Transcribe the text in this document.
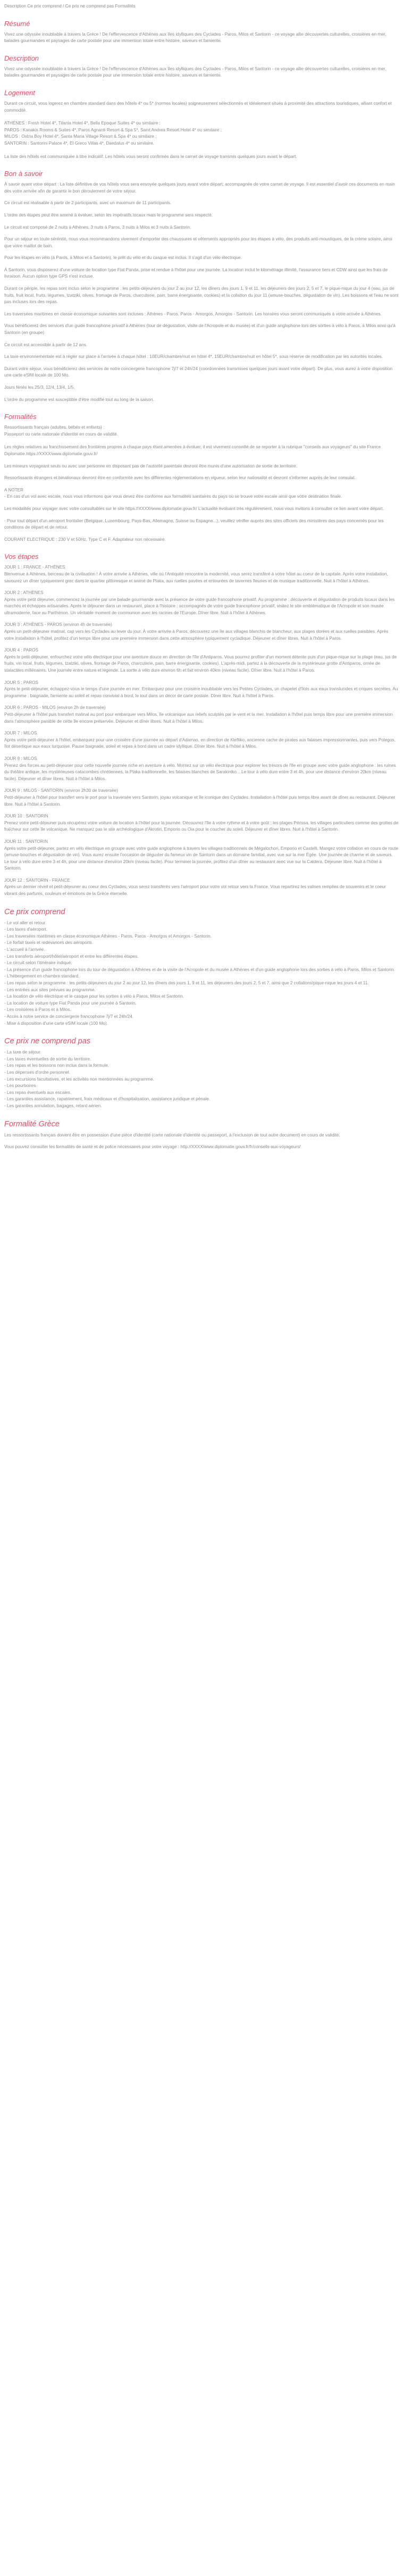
Description Ce prix comprend / Ce prix ne comprend pas Formalités
Résumé

Vivez une odyssée inoubliable à travers la Grèce ! De l'effervescence d'Athènes aux îles idylliques des Cyclades - Paros, Milos et Santorin - ce voyage allie découvertes culturelles, croisières en mer, balades gourmandes et paysages de carte postale pour une immersion totale entre histoire, saveurs et farniente.

Description

Vivez une odyssée inoubliable à travers la Grèce ! De l'effervescence d'Athènes aux îles idylliques des Cyclades - Paros, Milos et Santorin - ce voyage allie découvertes culturelles, croisières en mer, balades gourmandes et paysages de carte postale pour une immersion totale entre histoire, saveurs et farniente.

Logement

Durant ce circuit, vous logerez en chambre standard dans des hôtels 4* ou 5* (normes locales) soigneusement sélectionnés et idéalement situés à proximité des attractions touristiques, alliant confort et commodité.

ATHÈNES : Fresh Hotel 4*, Titania Hotel 4*, Bella Epoque Suites 4* ou similaire ;
PAROS : Kanakis Rooms & Suites 4*, Paros Agnanti Resort & Spa 5*, Saint Andrea Resort Hotel 4* ou similaire ;
MILOS : Ostria Boy Hotel 4*, Santa Maria Village Resort & Spa 4* ou similaire ;
SANTORIN : Santorini Palace 4*, El Greco Villas 4*, Daedalus 4* ou similaire.

La liste des hôtels est communiquée à titre indicatif. Les hôtels vous seront confirmés dans le carnet de voyage transmis quelques jours avant le départ.

Bon à savoir

À savoir avant votre départ : La liste définitive de vos hôtels vous sera envoyée quelques jours avant votre départ, accompagnée de votre carnet de voyage. Il est essentiel d'avoir ces documents en main dès votre arrivée afin de garantir le bon déroulement de votre séjour.

Ce circuit est réalisable à partir de 2 participants, avec un maximum de 11 participants.

L'ordre des étapes peut être amené à évoluer, selon les impératifs locaux mais le programme sera respecté.

Le circuit est composé de 2 nuits à Athènes, 3 nuits à Paros, 3 nuits à Milos et 3 nuits à Santorin.

Pour un séjour en toute sérénité, nous vous recommandons vivement d'emporter des chaussures et vêtements appropriés pour les étapes à vélo, des produits anti-moustiques, de la crème solaire, ainsi que votre maillot de bain.

Pour les étapes en vélo (à Paros, à Milos et à Santorin), le prêt du vélo et du casque est inclus. Il s'agit d'un vélo électrique.

À Santorin, vous disposerez d'une voiture de location type Fiat Panda, prise et rendue à l'hôtel pour une journée. La location inclut le kilométrage illimité, l'assurance tiers et CDW ainsi que les frais de livraison. Aucun option type GPS n'est incluse.

Durant ce périple, les repas sont inclus selon le programme : les petits-déjeuners du jour 2 au jour 12, les dîners des jours 1, 9 et 11, les déjeuners des jours 2, 5 et 7, le pique-nique du jour 4 (eau, jus de fruits, fruit local, fruits, légumes, tzatziki, olives, fromage de Paros, charcuterie, pain, barre énergisante, cookies) et la collation du jour 11 (amuse-bouches, dégustation de vin). Les boissons et l'eau ne sont pas incluses lors des repas.

Les traversées maritimes en classe économique suivantes sont incluses : Athènes - Paros, Paros - Amorgos, Amorgos - Santorin. Les horaires vous seront communiqués à votre arrivée à Athènes.

Vous bénéficierez des services d'un guide francophone privatif à Athènes (tour de dégustation, visite de l'Acropole et du musée) et d'un guide anglophone lors des sorties à vélo à Paros, à Milos ainsi qu'à Santorin (en groupe).

Ce circuit est accessible à partir de 12 ans.

La taxe environnementale est à régler sur place à l'arrivée à chaque hôtel : 10EUR/chambre/nuit en hôtel 4*, 15EUR/chambre/nuit en hôtel 5*, sous réserve de modification par les autorités locales.

Durant votre séjour, vous bénéficierez des services de notre conciergerie francophone 7j/7 et 24h/24 (coordonnées transmises quelques jours avant votre départ). De plus, vous aurez à votre disposition une carte eSIM locale de 100 Mo.

Jours fériés les 25/3, 12/4, 13/4, 1/5.

L'ordre du programme est susceptible d'être modifié tout au long de la saison.

Formalités
Ressortissants français (adultes, bébés et enfants) :
Passeport ou carte nationale d'identité en cours de validité.

Les règles relatives au franchissement des frontières propres à chaque pays étant amenées à évoluer, il est vivement conseillé de se reporter à la rubrique "conseils aux voyageurs" du site France Diplomatie.https://XXXX/www.diplomatie.gouv.fr/

Les mineurs voyageant seuls ou avec une personne en disposant pas de l'autorité parentale devront être munis d'une autorisation de sortie de territoire.

Ressortissants étrangers et binationaux devront être en conformité avec les différentes réglementations en vigueur, selon leur nationalité et devront s'informer auprès de leur consulat.

A NOTER

- En cas d'un vol avec escale, nous vous informons que vous devez être conforme aux formalités sanitaires du pays où se trouve votre escale ainsi que votre destination finale.

Les modalités pour voyager avec votre consultables sur le site https://XXXX/www.diplomatie.gouv.fr/ L'actualité évoluant très régulièrement, nous vous invitons à consulter ce lien avant votre départ.

- Pour tout départ d'un aéroport frontalier (Belgique, Luxembourg, Pays-Bas, Allemagne, Suisse ou Espagne...), veuillez vérifier auprès des sites officiels des ministères des pays concernés pour les conditions de départ et de retour.

COURANT ELECTRIQUE : 230 V et 50Hz, Type C et F. Adaptateur non nécessaire.

Vos étapes
JOUR 1 : FRANCE - ATHÈNES

Bienvenue à Athènes, berceau de la civilisation ! À votre arrivée à Athènes, ville où l'Antiquité rencontre la modernité, vous serez transféré à votre hôtel au coeur de la capitale. Après votre installation, savourez un dîner typiquement grec dans le quartier pittoresque et animé de Plaka, aux ruelles pavées et entourées de tavernes fleuries et de musique traditionnelle. Nuit à l'hôtel à Athènes.

JOUR 2 : ATHÈNES

Après votre petit déjeuner, commencez la journée par une balade gourmande avec la présence de votre guide francophone privatif. Au programme : découverte et dégustation de produits locaux dans les marchés et échoppes artisanales. Après le déjeuner dans un restaurant, place à l'histoire : accompagnés de votre guide francophone privatif, visitez le site emblématique de l'Acropole et son musée ultramoderne, face au Parthénon. Un véritable moment de communion avec les racines de l'Europe. Dîner libre. Nuit à l'hôtel à Athènes.

JOUR 3 : ATHÈNES - PAROS (environ 4h de traversée)

Après un petit-déjeuner matinal, cap vers les Cyclades au lever du jour. À votre arrivée à Paros, découvrez une île aux villages blanchis de blancheur, aux plages dorées et aux ruelles paisibles. Après votre installation à l'hôtel, profitez d'un temps libre pour une première immersion dans cette atmosphère typiquement cycladique. Déjeuner et dîner libres. Nuit à l'hôtel à Paros.

JOUR 4 : PAROS

Après le petit-déjeuner, enfourchez votre vélo électrique pour une aventure douce en direction de l'île d'Antiparos. Vous pourrez profiter d'un moment détente puis d'un pique-nique sur la plage (eau, jus de fruits, vin local, fruits, légumes, tzatziki, olives, fromage de Paros, charcuterie, pain, barre énergisante, cookies). L'après-midi, partez à la découverte de la mystérieuse grotte d'Antiparos, ornée de stalactites millénaires. Une journée entre nature et légende. La sortie à vélo dure environ 6h et fait environ 40km (niveau facile). Dîner libre. Nuit à l'hôtel à Paros.

JOUR 5 : PAROS

Après le petit-déjeuner, échappez-vous le temps d'une journée en mer. Embarquez pour une croisière inoubliable vers les Petites Cyclades, un chapelet d'îlots aux eaux translucides et criques secrètes. Au programme : baignade, farniente au soleil et repas convivial à bord, le tout dans un décor de carte postale. Dîner libre. Nuit à l'hôtel à Paros.

JOUR 6 : PAROS - MILOS (environ 2h de traversée)

Petit-déjeuner à l'hôtel puis transfert matinal au port pour embarquer vers Milos, île volcanique aux reliefs sculptés par le vent et la mer. Installation à l'hôtel puis temps libre pour une première immersion dans l'atmosphère paisible de cette île encore préservée. Déjeuner et dîner libres. Nuit à l'hôtel à Milos.

JOUR 7 : MILOS

Après votre petit-déjeuner à l'hôtel, embarquez pour une croisière d'une journée au départ d'Adamas, en direction de Kleftiko, ancienne cache de pirates aux falaises impressionnantes, puis vers Polegos, îlot désertique aux eaux turquoise. Pause baignade, soleil et repas à bord dans un cadre idyllique. Dîner libre. Nuit à l'hôtel à Milos.

JOUR 8 : MILOS

Prenez des forces au petit-déjeuner pour cette nouvelle journée riche en aventure à vélo. Montez sur un vélo électrique pour explorer les trésors de l'île en groupe avec votre guide anglophone : les ruines du théâtre antique, les mystérieuses catacombes chrétiennes, la Plaka traditionnelle, les falaises blanches de Sarakiniko... Le tour à vélo dure entre 3 et 4h, pour une distance d'environ 20km (niveau facile). Déjeuner et dîner libres. Nuit à l'hôtel à Milos.

JOUR 9 : MILOS - SANTORIN (environ 2h30 de traversée)

Petit-déjeuner à l'hôtel pour transfert vers le port pour la traversée vers Santorin, joyau volcanique et île iconique des Cyclades. Installation à l'hôtel puis temps libre avant de dîner au restaurant. Déjeuner libre. Nuit à l'hôtel à Santorin.

JOUR 10 : SANTORIN

Prenez votre petit-déjeuner puis récupérez votre voiture de location à l'hôtel pour la journée. Découvrez l'île à votre rythme et à votre goût : les plages Périssa, les villages particuliers comme des grottes de fraîcheur sur cette île volcanique. Ne manquez pas le site archéologique d'Akrotiri, Emporio ou Oia pour le coucher du soleil. Déjeuner et dîner libres. Nuit à l'hôtel à Santorin.

JOUR 11 : SANTORIN

Après votre petit-déjeuner, partez en vélo électrique en groupe avec votre guide anglophone à travers les villages traditionnels de Mégalochori, Emporio et Castelli. Mangez votre collation en cours de route (amuse-bouches et dégustation de vin). Vous aurez ensuite l'occasion de déguster du fameux vin de Santorin dans un domaine familial, avec vue sur la mer Égée. Une journée de charme et de saveurs. Le tour à vélo dure entre 3 et 4h, pour une distance d'environ 20km (niveau facile). Pour terminer la journée, profitez d'un dîner au restaurant avec vue sur la Caldera. Déjeuner libre. Nuit à l'hôtel à Santorin.

JOUR 12 : SANTORIN - FRANCE

Après un dernier réveil et petit-déjeuner au coeur des Cyclades, vous serez transférés vers l'aéroport pour votre vol retour vers la France. Vous repartirez les valises remplies de souvenirs et le coeur vibrant des parfums, couleurs et émotions de la Grèce éternelle.

Ce prix comprend
- Le vol aller et retour.
- Les taxes d'aéroport.
- Les traversées maritimes en classe économique Athènes - Paros, Paros - Amorgos et Amorgos - Santorin.
- Le forfait taxes et redevances des aéroports.
- L'accueil à l'arrivée.
- Les transferts aéroport/hôtel/aéroport et entre les différentes étapes.
- Le circuit selon l'itinéraire indiqué.
- La présence d'un guide francophone lors du tour de dégustation à Athènes et de la visite de l'Acropole et du musée à Athènes et d'un guide anglophone lors des sorties à vélo à Paros, Milos et Santorin.
- L'hébergement en chambre standard.
- Les repas selon le programme : les petits-déjeuners du jour 2 au jour 12, les dîners des jours 1, 9 et 11, les déjeuners des jours 2, 5 et 7, ainsi que 2 collations/pique-nique les jours 4 et 11.
- Les entrées aux sites prévues au programme.
- La location de vélo électrique et le casque pour les sorties à vélo à Paros, Milos et Santorin.
- La location de voiture type Fiat Panda pour une journée à Santorin.
- Les croisières à Paros et à Milos.
- Accès à notre service de conciergerie francophone 7j/7 et 24h/24.
- Mise à disposition d'une carte eSIM locale (100 Mo).
Ce prix ne comprend pas
- La taxe de séjour.
- Les taxes éventuelles de sortie du territoire.
- Les repas et les boissons non inclus dans la formule.
- Les dépenses d'ordre personnel.
- Les excursions facultatives, et les activités non mentionnées au programme.
- Les pourboires.
- Les repas éventuels aux escales.
- Les garanties assistance, rapatriement, frais médicaux et d'hospitalisation, assistance juridique et pénale.
- Les garanties annulation, bagages, retard aérien.
Formalité Grèce

Les ressortissants français doivent être en possession d'une pièce d'identité (carte nationale d'identité ou passeport, à l'exclusion de tout autre document) en cours de validité.

Vous pouvez consulter les formalités de santé et de police nécessaires pour votre voyage : http://XXXX/www.diplomatie.gouv.fr/fr/conseils-aux-voyageurs/
